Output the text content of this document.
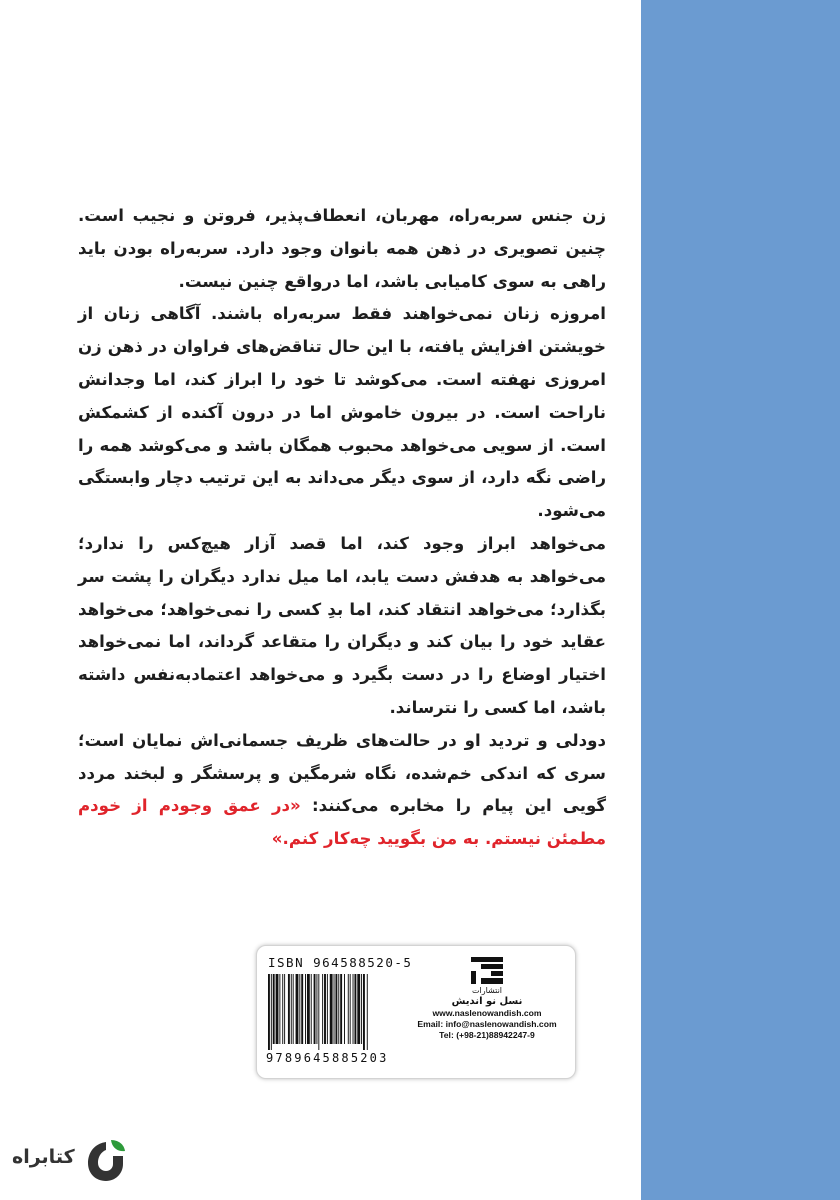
زن جنس سربه‌راه، مهربان، انعطاف‌پذیر، فروتن و نجیب است. چنین تصویری در ذهن همه بانوان وجود دارد. سربه‌راه بودن باید راهی به سوی کامیابی باشد، اما درواقع چنین نیست.

امروزه زنان نمی‌خواهند فقط سربه‌راه باشند. آگاهی زنان از خویشتن افزایش یافته، با این حال تناقض‌های فراوان در ذهن زن امروزی نهفته است. می‌کوشد تا خود را ابراز کند، اما وجدانش ناراحت است. در بیرون خاموش اما در درون آکنده از کشمکش است. از سویی می‌خواهد محبوب همگان باشد و می‌کوشد همه را راضی نگه دارد، از سوی دیگر می‌داند به این ترتیب دچار وابستگی می‌شود.

می‌خواهد ابراز وجود کند، اما قصد آزار هیچ‌کس را ندارد؛ می‌خواهد به هدفش دست یابد، اما میل ندارد دیگران را پشت سر بگذارد؛ می‌خواهد انتقاد کند، اما بدِ کسی را نمی‌خواهد؛ می‌خواهد عقاید خود را بیان کند و دیگران را متقاعد گرداند، اما نمی‌خواهد اختیار اوضاع را در دست بگیرد و می‌خواهد اعتمادبه‌نفس داشته باشد، اما کسی را نترساند.

دودلی و تردید او در حالت‌های ظریف جسمانی‌اش نمایان است؛ سری که اندکی خم‌شده، نگاه شرمگین و پرسشگر و لبخند مردد گویی این پیام را مخابره می‌کنند: «در عمق وجودم از خودم مطمئن نیستم. به من بگویید چه‌کار کنم.»

ISBN 964588520-5
9789645885203
انتشارات
نسل نو اندیش
www.naslenowandish.com
Email: info@naslenowandish.com
Tel: (+98-21)88942247-9
کتابراه
